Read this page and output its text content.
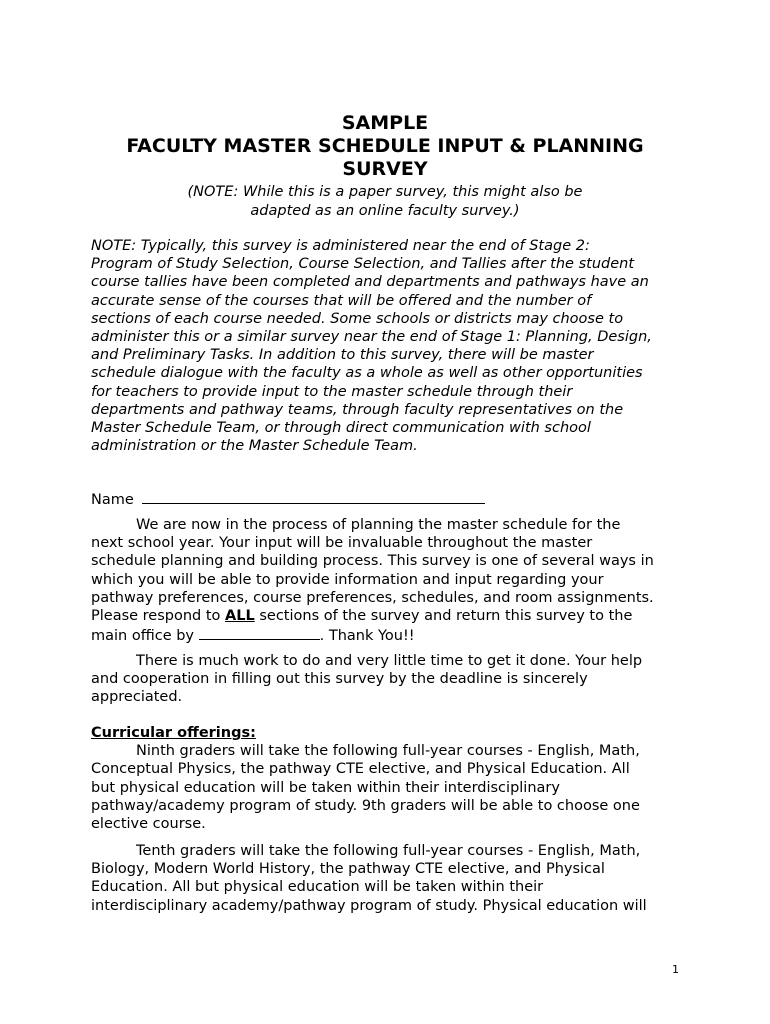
SAMPLE
FACULTY MASTER SCHEDULE INPUT & PLANNING
SURVEY
(NOTE: While this is a paper survey, this might also be
adapted as an online faculty survey.)
NOTE: Typically, this survey is administered near the end of Stage 2:
Program of Study Selection, Course Selection, and Tallies after the student
course tallies have been completed and departments and pathways have an
accurate sense of the courses that will be offered and the number of
sections of each course needed. Some schools or districts may choose to
administer this or a similar survey near the end of Stage 1: Planning, Design,
and Preliminary Tasks. In addition to this survey, there will be master
schedule dialogue with the faculty as a whole as well as other opportunities
for teachers to provide input to the master schedule through their
departments and pathway teams, through faculty representatives on the
Master Schedule Team, or through direct communication with school
administration or the Master Schedule Team.
Name
We are now in the process of planning the master schedule for the
next school year. Your input will be invaluable throughout the master
schedule planning and building process. This survey is one of several ways in
which you will be able to provide information and input regarding your
pathway preferences, course preferences, schedules, and room assignments.
Please respond to ALL sections of the survey and return this survey to the
main office by	. Thank You!!
There is much work to do and very little time to get it done. Your help
and cooperation in filling out this survey by the deadline is sincerely
appreciated.
Curricular offerings:
Ninth graders will take the following full-year courses - English, Math,
Conceptual Physics, the pathway CTE elective, and Physical Education. All
but physical education will be taken within their interdisciplinary
pathway/academy program of study. 9th graders will be able to choose one
elective course.
Tenth graders will take the following full-year courses - English, Math,
Biology, Modern World History, the pathway CTE elective, and Physical
Education. All but physical education will be taken within their
interdisciplinary academy/pathway program of study. Physical education will
1
